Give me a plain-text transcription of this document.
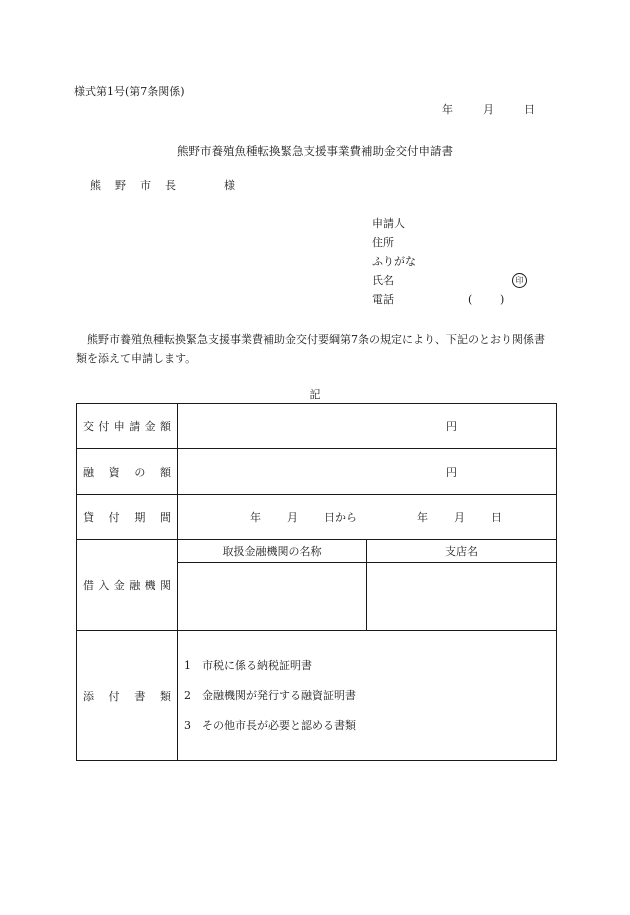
様式第1号(第7条関係)
年	月	日
熊野市養殖魚種転換緊急支援事業費補助金交付申請書
熊 野 市 長	様
申請人
住所
ふりがな
氏名	印
電話	(	)
熊野市養殖魚種転換緊急支援事業費補助金交付要綱第7条の規定により、下記のとおり関係書類を添えて申請します。
記
交付申請金額	円	

融資の額	円	

貸付期間	年 月 日から 年 月 日	
借入金融機関	取扱金融機関の名称	支店名

添付書類	1　市税に係る納税証明書
2　金融機関が発行する融資証明書
3　その他市長が必要と認める書類	
